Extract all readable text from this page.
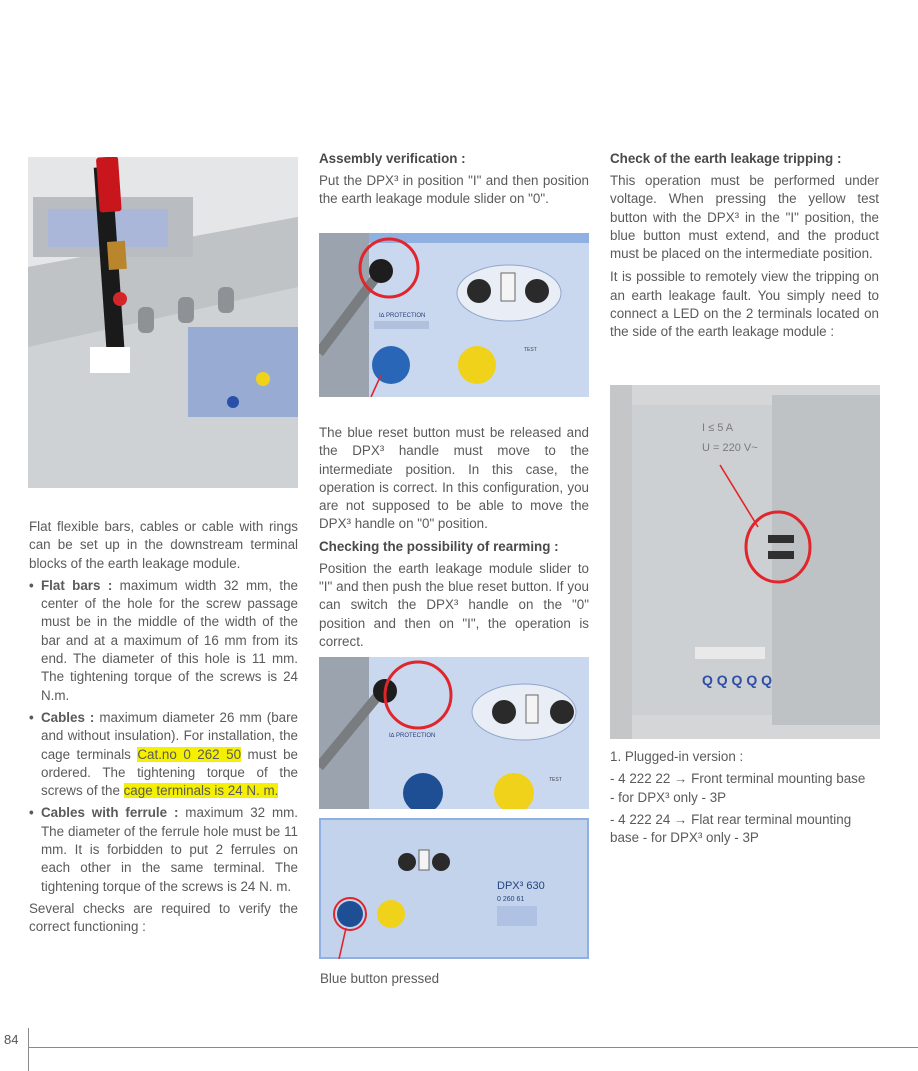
Flat flexible bars, cables or cable with rings can be set up in the downstream terminal blocks of the earth leakage module.

• Flat bars : maximum width 32 mm, the center of the hole for the screw passage must be in the middle of the width of the bar and at a maximum of 16 mm from its end. The diameter of this hole is 11 mm. The tightening torque of the screws is 24 N.m.
• Cables : maximum diameter 26 mm (bare and without insulation). For installation, the cage terminals Cat.no 0 262 50 must be ordered. The tightening torque of the screws of the cage terminals is 24 N. m.
• Cables with ferrule : maximum 32 mm. The diameter of the ferrule hole must be 11 mm. It is forbidden to put 2 ferrules on each other in the same terminal. The tightening torque of the screws is 24 N. m.

Several checks are required to verify the correct functioning :

Assembly verification :

Put the DPX³ in position "I" and then position the earth leakage module slider on "0".

I∆ PROTECTION
TEST

The blue reset button must be released and the DPX³ handle must move to the intermediate position. In this case, the operation is correct. In this configuration, you are not supposed to be able to move the DPX³ handle on "0" position.

Checking the possibility of rearming :

Position the earth leakage module slider to "I" and then push the blue reset button. If you can switch the DPX³ handle on the "0" position and then on "I", the operation is correct.

I∆ PROTECTION
TEST
DPX³ 630
0 260 61
Blue button pressed
Check of the earth leakage tripping :

This operation must be performed under voltage. When pressing the yellow test button with the DPX³ in the "I" position, the blue button must extend, and the product must be placed on the intermediate position.

It is possible to remotely view the tripping on an earth leakage fault. You simply need to connect a LED on the 2 terminals located on the side of the earth leakage module :

I ≤ 5 A
U = 220 V~
Q Q Q Q Q
1. Plugged-in version :
- 4 222 22 → Front terminal mounting base - for DPX³ only - 3P
- 4 222 24 → Flat rear terminal mounting base - for DPX³ only - 3P
84
